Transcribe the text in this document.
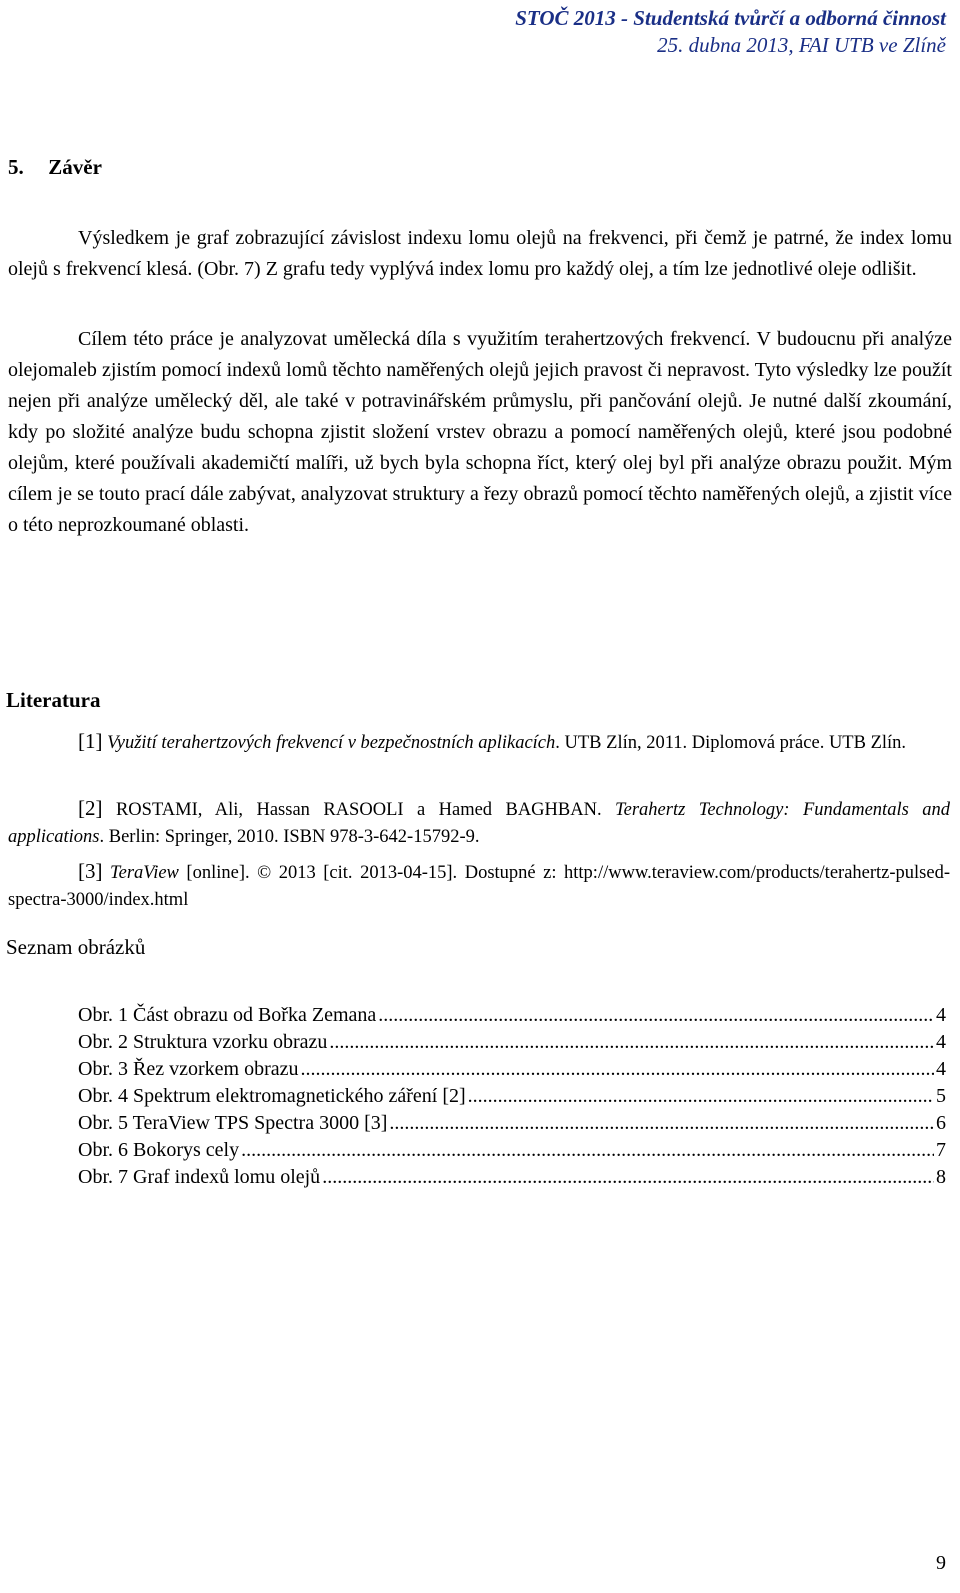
STOČ 2013 - Studentská tvůrčí a odborná činnost
25. dubna 2013, FAI UTB ve Zlíně
5. Závěr
Výsledkem je graf zobrazující závislost indexu lomu olejů na frekvenci, při čemž je patrné, že index lomu olejů s frekvencí klesá. (Obr. 7) Z grafu tedy vyplývá index lomu pro každý olej, a tím lze jednotlivé oleje odlišit.
Cílem této práce je analyzovat umělecká díla s využitím terahertzových frekvencí. V budoucnu při analýze olejomaleb zjistím pomocí indexů lomů těchto naměřených olejů jejich pravost či nepravost. Tyto výsledky lze použít nejen při analýze umělecký děl, ale také v potravinářském průmyslu, při pančování olejů. Je nutné další zkoumání, kdy po složité analýze budu schopna zjistit složení vrstev obrazu a pomocí naměřených olejů, které jsou podobné olejům, které používali akademičtí malíři, už bych byla schopna říct, který olej byl při analýze obrazu použit. Mým cílem je se touto prací dále zabývat, analyzovat struktury a řezy obrazů pomocí těchto naměřených olejů, a zjistit více o této neprozkoumané oblasti.
Literatura
[1] Využití terahertzových frekvencí v bezpečnostních aplikacích. UTB Zlín, 2011. Diplomová práce. UTB Zlín.
[2] ROSTAMI, Ali, Hassan RASOOLI a Hamed BAGHBAN. Terahertz Technology: Fundamentals and applications. Berlin: Springer, 2010. ISBN 978-3-642-15792-9.
[3] TeraView [online]. © 2013 [cit. 2013-04-15]. Dostupné z: http://www.teraview.com/products/terahertz-pulsed-spectra-3000/index.html
Seznam obrázků
Obr. 1 Část obrazu od Bořka Zemana .....	4
Obr. 2 Struktura vzorku obrazu .....	4
Obr. 3 Řez vzorkem obrazu .....	4
Obr. 4 Spektrum elektromagnetického záření [2] .....	5
Obr. 5 TeraView TPS Spectra 3000 [3] .....	6
Obr. 6 Bokorys cely .....	7
Obr. 7 Graf indexů lomu olejů .....	8
9
